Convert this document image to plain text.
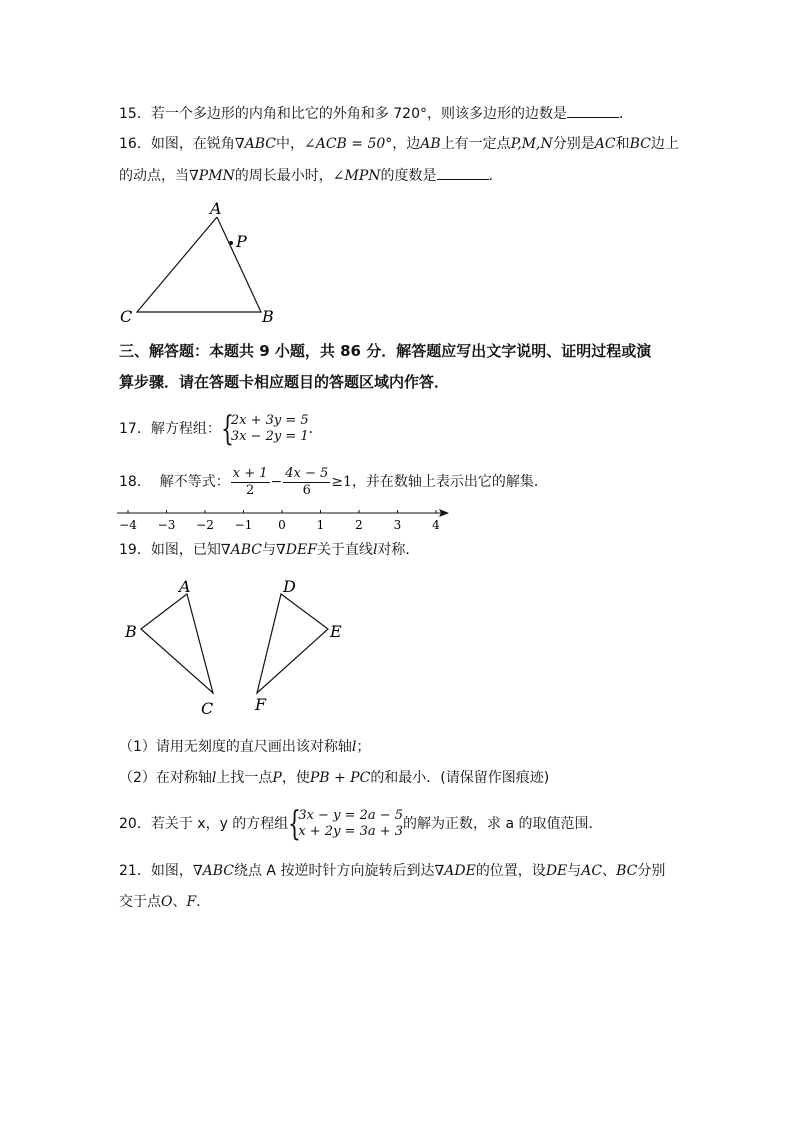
15．若一个多边形的内角和比它的外角和多 720°，则该多边形的边数是	．
16．如图，在锐角∇ABC中，∠ACB = 50°，边AB上有一定点P,M,N分别是AC和BC边上
的动点，当∇PMN的周长最小时，∠MPN的度数是	．
A
P
C	B
三、解答题：本题共 9 小题，共 86 分．解答题应写出文字说明、证明过程或演
算步骤．请在答题卡相应题目的答题区域内作答．
17．解方程组： {
2x + 3y = 5
3x − 2y = 1 ．
18． 解不等式： $\frac{x + 1}{2} - \frac{4x - 5}{6} \ge 1$，并在数轴上表示出它的解集．
−4 −3 −2 −1 0	1	2	3	4
19．如图，已知∇ABC与∇DEF关于直线l对称．
A
B
C
D
E
F
（1）请用无刻度的直尺画出该对称轴l；
（2）在对称轴l上找一点P，使PB + PC的和最小．(请保留作图痕迹)
20．若关于 x，y 的方程组 {
3x − y = 2a − 5
x + 2y = 3a + 3 的解为正数，求 a 的取值范围．
21．如图，∇ABC绕点 A 按逆时针方向旋转后到达∇ADE的位置，设DE与AC、BC分别
交于点O、F．
